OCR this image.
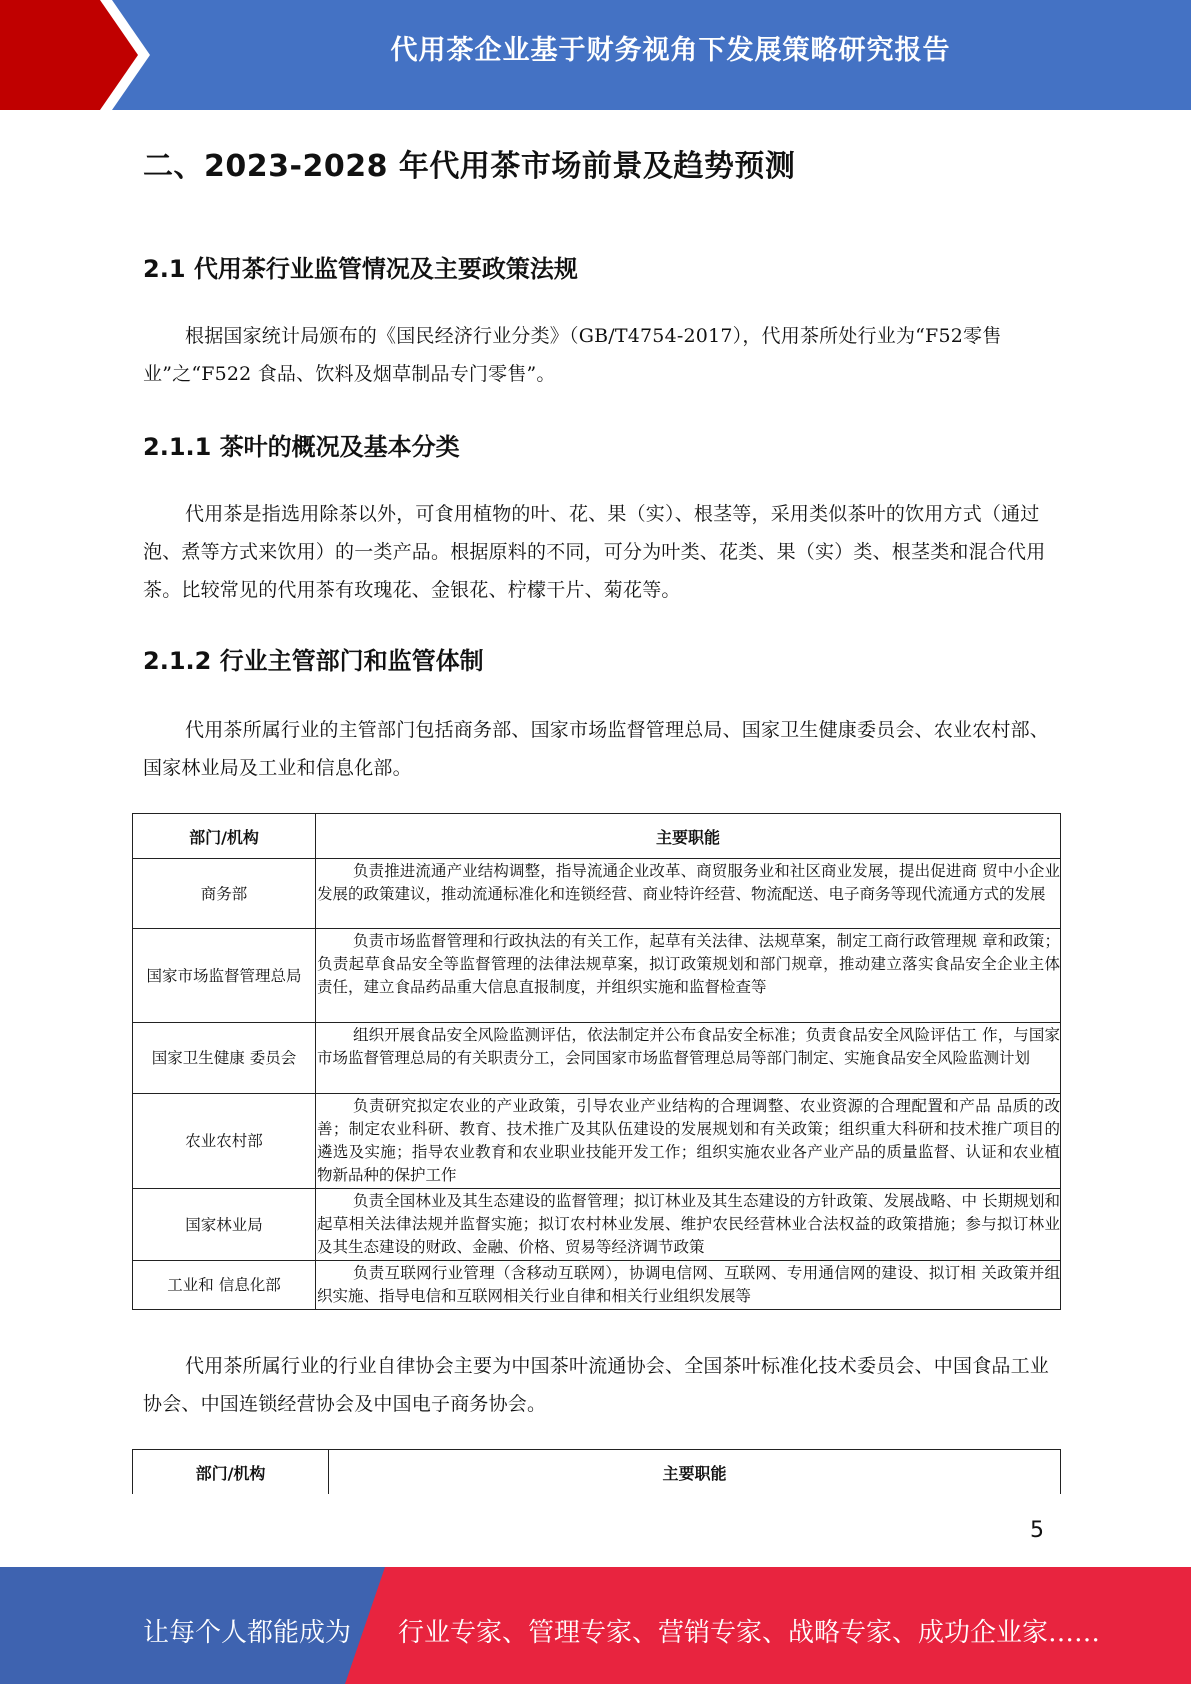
代用茶企业基于财务视角下发展策略研究报告
二、2023-2028 年代用茶市场前景及趋势预测
2.1 代用茶行业监管情况及主要政策法规
根据国家统计局颁布的《国民经济行业分类》（GB/T4754-2017），代用茶所处行业为“F52零售业”之“F522 食品、饮料及烟草制品专门零售”。
2.1.1 茶叶的概况及基本分类
代用茶是指选用除茶以外，可食用植物的叶、花、果（实）、根茎等，采用类似茶叶的饮用方式（通过泡、煮等方式来饮用）的一类产品。根据原料的不同，可分为叶类、花类、果（实）类、根茎类和混合代用茶。比较常见的代用茶有玫瑰花、金银花、柠檬干片、菊花等。
2.1.2 行业主管部门和监管体制
代用茶所属行业的主管部门包括商务部、国家市场监督管理总局、国家卫生健康委员会、农业农村部、国家林业局及工业和信息化部。
部门/机构	主要职能
商务部	负责推进流通产业结构调整，指导流通企业改革、商贸服务业和社区商业发展，提出促进商 贸中小企业发展的政策建议，推动流通标准化和连锁经营、商业特许经营、物流配送、电子商务等现代流通方式的发展
国家市场监督管理总局	负责市场监督管理和行政执法的有关工作，起草有关法律、法规草案，制定工商行政管理规 章和政策；负责起草食品安全等监督管理的法律法规草案，拟订政策规划和部门规章，推动建立落实食品安全企业主体责任，建立食品药品重大信息直报制度，并组织实施和监督检查等
国家卫生健康 委员会	组织开展食品安全风险监测评估，依法制定并公布食品安全标准；负责食品安全风险评估工 作，与国家市场监督管理总局的有关职责分工，会同国家市场监督管理总局等部门制定、实施食品安全风险监测计划
农业农村部	负责研究拟定农业的产业政策，引导农业产业结构的合理调整、农业资源的合理配置和产品 品质的改善；制定农业科研、教育、技术推广及其队伍建设的发展规划和有关政策；组织重大科研和技术推广项目的遴选及实施；指导农业教育和农业职业技能开发工作；组织实施农业各产业产品的质量监督、认证和农业植物新品种的保护工作
国家林业局	负责全国林业及其生态建设的监督管理；拟订林业及其生态建设的方针政策、发展战略、中 长期规划和起草相关法律法规并监督实施；拟订农村林业发展、维护农民经营林业合法权益的政策措施；参与拟订林业及其生态建设的财政、金融、价格、贸易等经济调节政策
工业和 信息化部	负责互联网行业管理（含移动互联网），协调电信网、互联网、专用通信网的建设、拟订相 关政策并组织实施、指导电信和互联网相关行业自律和相关行业组织发展等
代用茶所属行业的行业自律协会主要为中国茶叶流通协会、全国茶叶标准化技术委员会、中国食品工业协会、中国连锁经营协会及中国电子商务协会。
部门/机构	主要职能
5
让每个人都能成为 行业专家、管理专家、营销专家、战略专家、成功企业家……
